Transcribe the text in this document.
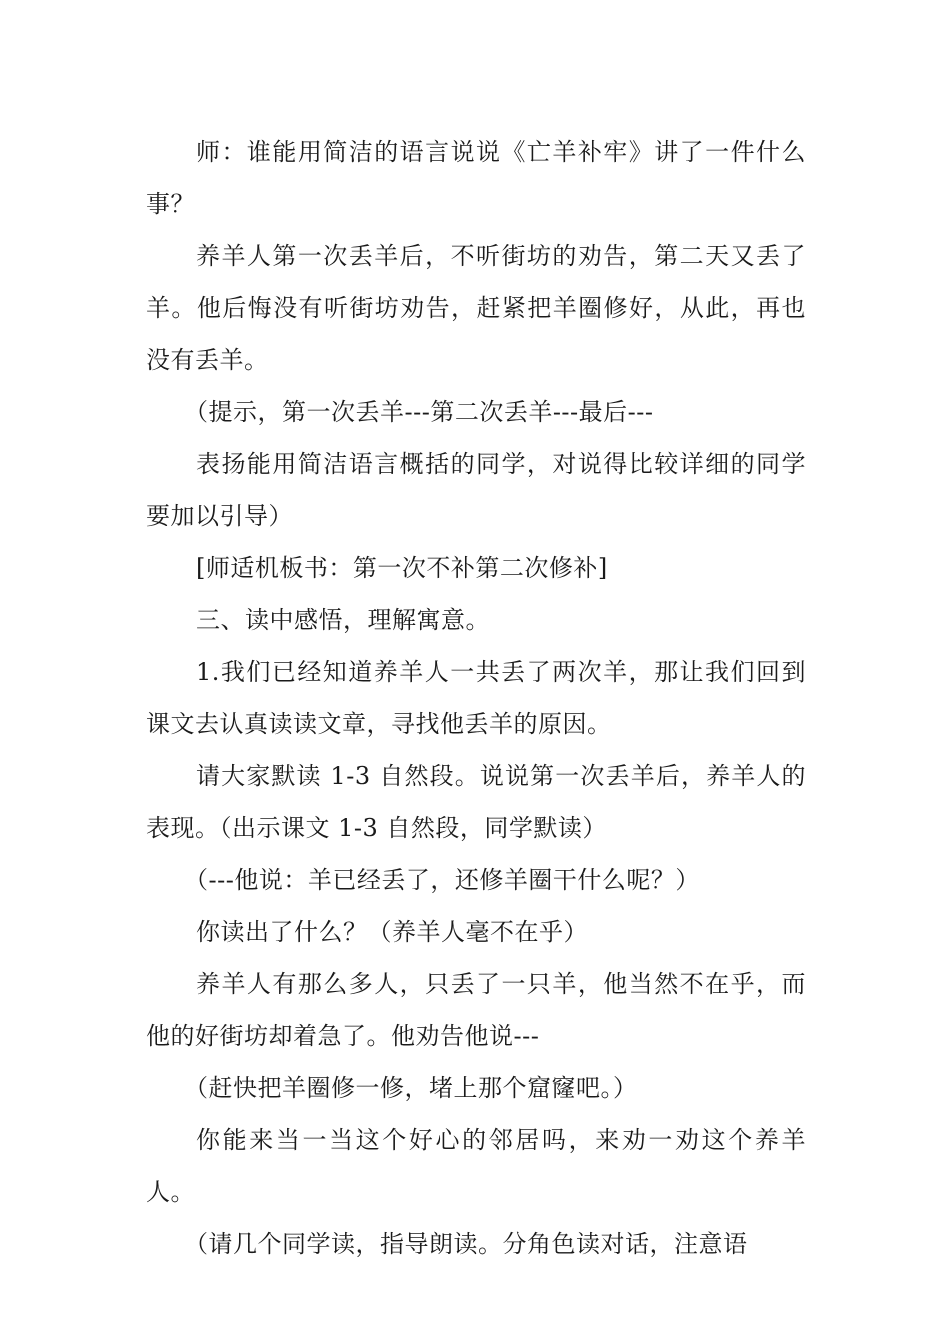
师：谁能用简洁的语言说说《亡羊补牢》讲了一件什么事？

养羊人第一次丢羊后，不听街坊的劝告，第二天又丢了羊。他后悔没有听街坊劝告，赶紧把羊圈修好，从此，再也没有丢羊。

（提示，第一次丢羊---第二次丢羊---最后---

表扬能用简洁语言概括的同学，对说得比较详细的同学要加以引导）

[师适机板书：第一次不补第二次修补]

三、读中感悟，理解寓意。

1.我们已经知道养羊人一共丢了两次羊，那让我们回到课文去认真读读文章，寻找他丢羊的原因。

请大家默读 1-3 自然段。说说第一次丢羊后，养羊人的表现。（出示课文 1-3 自然段，同学默读）

（---他说：羊已经丢了，还修羊圈干什么呢？）

你读出了什么？（养羊人毫不在乎）

养羊人有那么多人，只丢了一只羊，他当然不在乎，而他的好街坊却着急了。他劝告他说---

（赶快把羊圈修一修，堵上那个窟窿吧。）

你能来当一当这个好心的邻居吗，来劝一劝这个养羊人。

（请几个同学读，指导朗读。分角色读对话，注意语
